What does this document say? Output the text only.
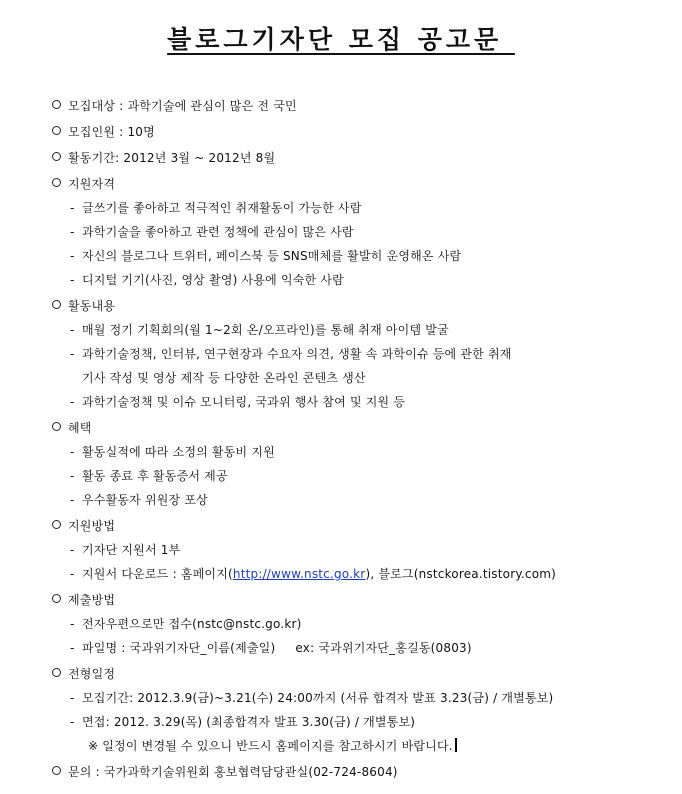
블로그기자단 모집 공고문
모집대상 : 과학기술에 관심이 많은 전 국민
모집인원 : 10명
활동기간: 2012년 3월 ~ 2012년 8월
지원자격
- 글쓰기를 좋아하고 적극적인 취재활동이 가능한 사람
- 과학기술을 좋아하고 관련 정책에 관심이 많은 사람
- 자신의 블로그나 트위터, 페이스북 등 SNS매체를 활발히 운영해온 사람
- 디지털 기기(사진, 영상 촬영) 사용에 익숙한 사람
활동내용
- 매월 정기 기획회의(월 1~2회 온/오프라인)를 통해 취재 아이템 발굴
- 과학기술정책, 인터뷰, 연구현장과 수요자 의견, 생활 속 과학이슈 등에 관한 취재
기사 작성 및 영상 제작 등 다양한 온라인 콘텐츠 생산
- 과학기술정책 및 이슈 모니터링, 국과위 행사 참여 및 지원 등
혜택
- 활동실적에 따라 소정의 활동비 지원
- 활동 종료 후 활동증서 제공
- 우수활동자 위원장 포상
지원방법
- 기자단 지원서 1부
- 지원서 다운로드 : 홈페이지(http://www.nstc.go.kr), 블로그(nstckorea.tistory.com)
제출방법
- 전자우편으로만 접수(nstc@nstc.go.kr)
- 파일명 : 국과위기자단_이름(제출일)     ex: 국과위기자단_홍길동(0803)
전형일정
- 모집기간: 2012.3.9(금)~3.21(수) 24:00까지 (서류 합격자 발표 3.23(금) / 개별통보)
- 면접: 2012. 3.29(목) (최종합격자 발표 3.30(금) / 개별통보)
※ 일정이 변경될 수 있으니 반드시 홈페이지를 참고하시기 바랍니다.
문의 : 국가과학기술위원회 홍보협력담당관실(02-724-8604)
